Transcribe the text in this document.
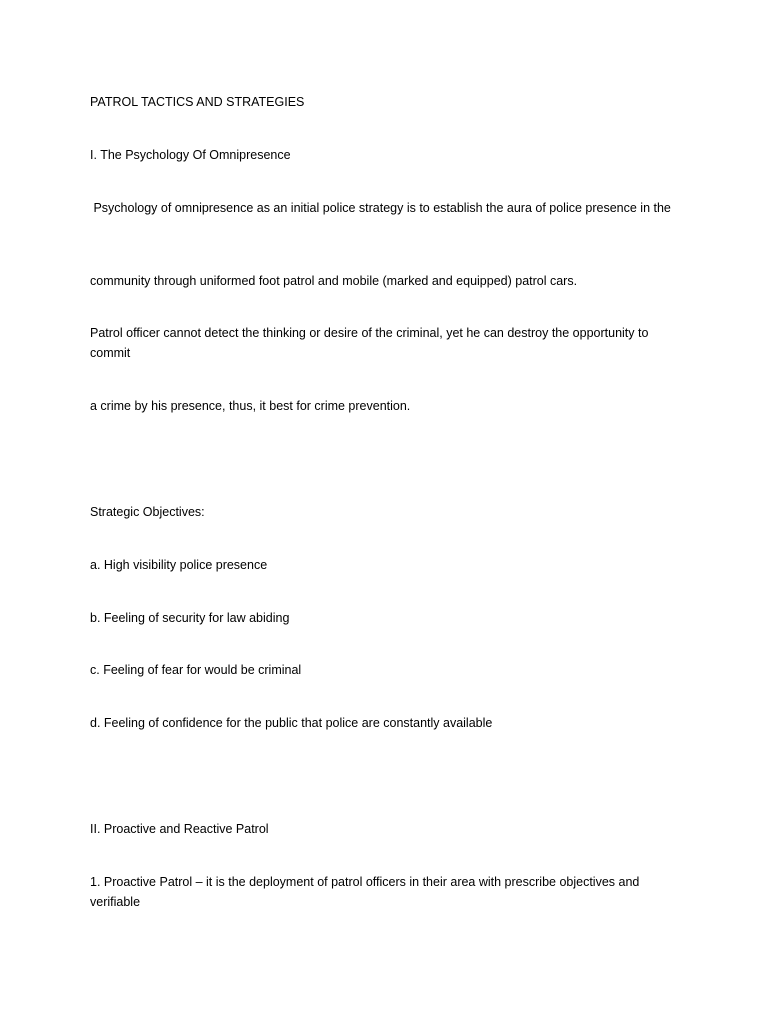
PATROL TACTICS AND STRATEGIES
I. The Psychology Of Omnipresence
Psychology of omnipresence as an initial police strategy is to establish the aura of police presence in the
community through uniformed foot patrol and mobile (marked and equipped) patrol cars.
Patrol officer cannot detect the thinking or desire of the criminal, yet he can destroy the opportunity to commit
a crime by his presence, thus, it best for crime prevention.
Strategic Objectives:
a. High visibility police presence
b. Feeling of security for law abiding
c. Feeling of fear for would be criminal
d. Feeling of confidence for the public that police are constantly available
II. Proactive and Reactive Patrol
1. Proactive Patrol – it is the deployment of patrol officers in their area with prescribe objectives and verifiable
